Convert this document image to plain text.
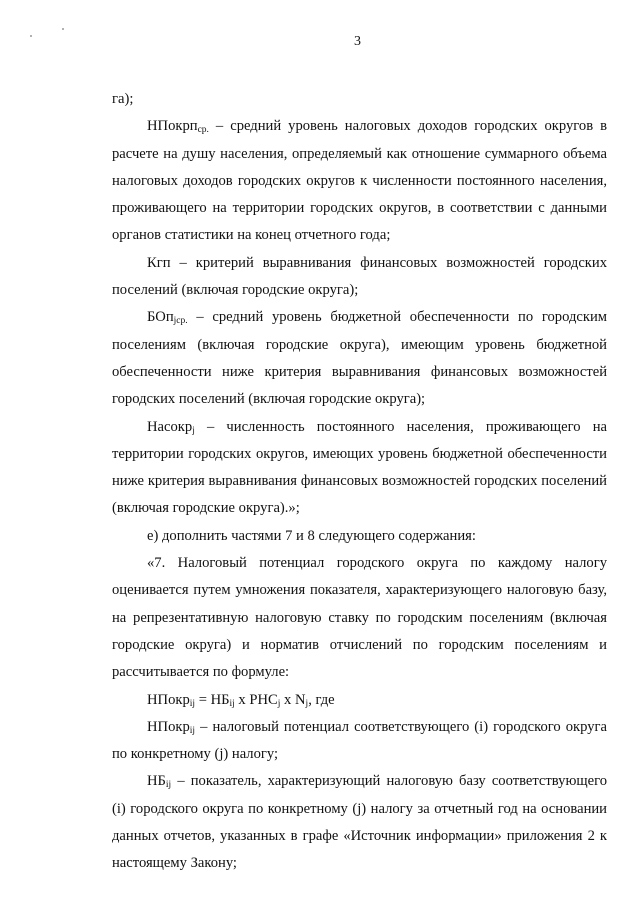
3

га);

НПокрп$_{ср.}$ – средний уровень налоговых доходов городских округов в расчете на душу населения, определяемый как отношение суммарного объема налоговых доходов городских округов к численности постоянного населения, проживающего на территории городских округов, в соответствии с данными органов статистики на конец отчетного года;

Кгп – критерий выравнивания финансовых возможностей городских поселений (включая городские округа);

БОп$_{jср.}$ – средний уровень бюджетной обеспеченности по городским поселениям (включая городские округа), имеющим уровень бюджетной обеспеченности ниже критерия выравнивания финансовых возможностей городских поселений (включая городские округа);

Насокр$_j$ – численность постоянного населения, проживающего на территории городских округов, имеющих уровень бюджетной обеспеченности ниже критерия выравнивания финансовых возможностей городских поселений (включая городские округа).»;

е) дополнить частями 7 и 8 следующего содержания:

«7. Налоговый потенциал городского округа по каждому налогу оценивается путем умножения показателя, характеризующего налоговую базу, на репрезентативную налоговую ставку по городским поселениям (включая городские округа) и норматив отчислений по городским поселениям и рассчитывается по формуле:

НПокр$_{ij}$ = $НБ_{ij}$ х $РНС_j$ х $N_j$, где

НПокр$_{ij}$ – налоговый потенциал соответствующего (i) городского округа по конкретному (j) налогу;

$НБ_{ij}$ – показатель, характеризующий налоговую базу соответствующего (i) городского округа по конкретному (j) налогу за отчетный год на основании данных отчетов, указанных в графе «Источник информации» приложения 2 к настоящему Закону;
